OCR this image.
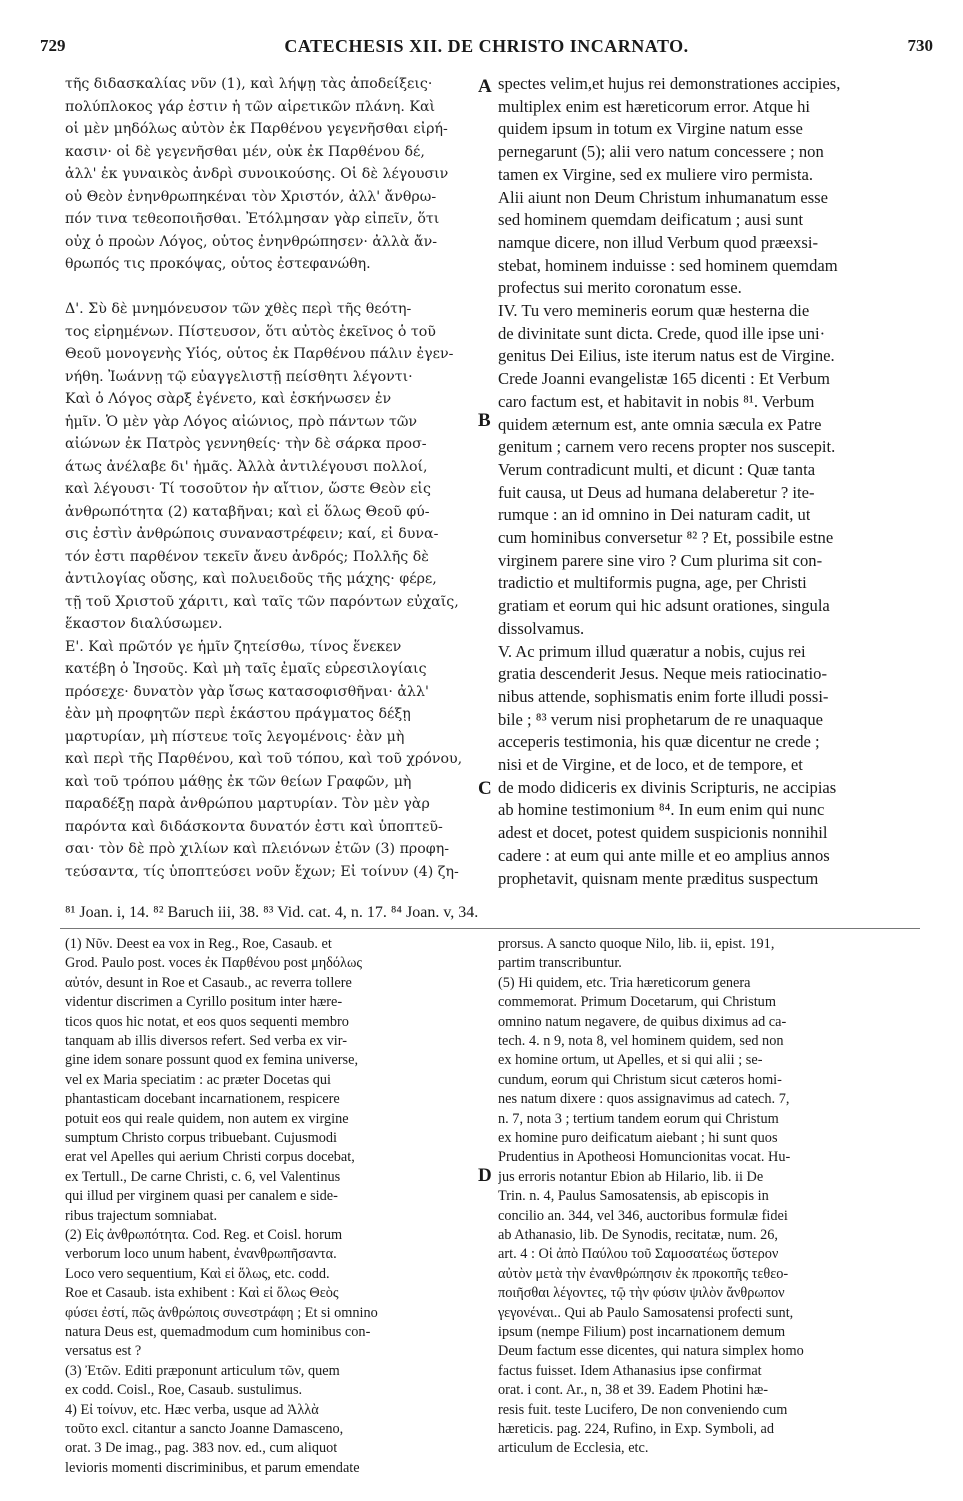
729	CATECHESIS XII. DE CHRISTO INCARNATO.	730
A
B
C
D
τῆς διδασκαλίας νῦν (1), καὶ λήψῃ τὰς ἀποδείξεις·
πολύπλοκος γάρ ἐστιν ἡ τῶν αἱρετικῶν πλάνη. Καὶ
οἱ μὲν μηδόλως αὐτὸν ἐκ Παρθένου γεγενῆσθαι εἰρή-
κασιν· οἱ δὲ γεγενῆσθαι μέν, οὐκ ἐκ Παρθένου δέ,
ἀλλ' ἐκ γυναικὸς ἀνδρὶ συνοικούσης. Οἱ δὲ λέγουσιν
οὐ Θεὸν ἐνηνθρωπηκέναι τὸν Χριστόν, ἀλλ' ἄνθρω-
πόν τινα τεθεοποιῆσθαι. Ἐτόλμησαν γὰρ εἰπεῖν, ὅτι
οὐχ ὁ προὼν Λόγος, οὗτος ἐνηνθρώπησεν· ἀλλὰ ἄν-
θρωπός τις προκόψας, οὗτος ἐστεφανώθη.
Δ'. Σὺ δὲ μνημόνευσον τῶν χθὲς περὶ τῆς θεότη-
τος εἰρημένων. Πίστευσον, ὅτι αὐτὸς ἐκεῖνος ὁ τοῦ
Θεοῦ μονογενὴς Υἱός, οὗτος ἐκ Παρθένου πάλιν ἐγεν-
νήθη. Ἰωάννῃ τῷ εὐαγγελιστῇ πείσθητι λέγοντι·
Καὶ ὁ Λόγος σὰρξ ἐγένετο, καὶ ἐσκήνωσεν ἐν
ἡμῖν. Ὁ μὲν γὰρ Λόγος αἰώνιος, πρὸ πάντων τῶν
αἰώνων ἐκ Πατρὸς γεννηθείς· τὴν δὲ σάρκα προσ-
άτως ἀνέλαβε δι' ἡμᾶς. Ἀλλὰ ἀντιλέγουσι πολλοί,
καὶ λέγουσι· Τί τοσοῦτον ἦν αἴτιον, ὥστε Θεὸν εἰς
ἀνθρωπότητα (2) καταβῆναι; καὶ εἰ ὅλως Θεοῦ φύ-
σις ἐστὶν ἀνθρώποις συναναστρέφειν; καί, εἰ δυνα-
τόν ἐστι παρθένον τεκεῖν ἄνευ ἀνδρός; Πολλῆς δὲ
ἀντιλογίας οὔσης, καὶ πολυειδοῦς τῆς μάχης· φέρε,
τῇ τοῦ Χριστοῦ χάριτι, καὶ ταῖς τῶν παρόντων εὐχαῖς,
ἕκαστον διαλύσωμεν.
Ε'. Καὶ πρῶτόν γε ἡμῖν ζητείσθω, τίνος ἕνεκεν
κατέβη ὁ Ἰησοῦς. Καὶ μὴ ταῖς ἐμαῖς εὑρεσιλογίαις
πρόσεχε· δυνατὸν γὰρ ἴσως κατασοφισθῆναι· ἀλλ'
ἐὰν μὴ προφητῶν περὶ ἑκάστου πράγματος δέξῃ
μαρτυρίαν, μὴ πίστευε τοῖς λεγομένοις· ἐὰν μὴ
καὶ περὶ τῆς Παρθένου, καὶ τοῦ τόπου, καὶ τοῦ χρόνου,
καὶ τοῦ τρόπου μάθῃς ἐκ τῶν θείων Γραφῶν, μὴ
παραδέξῃ παρὰ ἀνθρώπου μαρτυρίαν. Τὸν μὲν γὰρ
παρόντα καὶ διδάσκοντα δυνατόν ἐστι καὶ ὑποπτεῦ-
σαι· τὸν δὲ πρὸ χιλίων καὶ πλειόνων ἐτῶν (3) προφη-
τεύσαντα, τίς ὑποπτεύσει νοῦν ἔχων; Εἰ τοίνυν (4) ζη-
spectes velim,et hujus rei demonstrationes accipies,
multiplex enim est hæreticorum error. Atque hi
quidem ipsum in totum ex Virgine natum esse
pernegarunt (5); alii vero natum concessere ; non
tamen ex Virgine, sed ex muliere viro permista.
Alii aiunt non Deum Christum inhumanatum esse
sed hominem quemdam deificatum ; ausi sunt
namque dicere, non illud Verbum quod præexsi-
stebat, hominem induisse : sed hominem quemdam
profectus sui merito coronatum esse.
IV. Tu vero memineris eorum quæ hesterna die
de divinitate sunt dicta. Crede, quod ille ipse uni·
genitus Dei Eilius, iste iterum natus est de Virgine.
Crede Joanni evangelistæ 165 dicenti : Et Verbum
caro factum est, et habitavit in nobis ⁸¹. Verbum
quidem æternum est, ante omnia sæcula ex Patre
genitum ; carnem vero recens propter nos suscepit.
Verum contradicunt multi, et dicunt : Quæ tanta
fuit causa, ut Deus ad humana delaberetur ? ite-
rumque : an id omnino in Dei naturam cadit, ut
cum hominibus conversetur ⁸² ? Et, possibile estne
virginem parere sine viro ? Cum plurima sit con-
tradictio et multiformis pugna, age, per Christi
gratiam et eorum qui hic adsunt orationes, singula
dissolvamus.
V. Ac primum illud quæratur a nobis, cujus rei
gratia descenderit Jesus. Neque meis ratiocinatio-
nibus attende, sophismatis enim forte illudi possi-
bile ; ⁸³ verum nisi prophetarum de re unaquaque
acceperis testimonia, his quæ dicentur ne crede ;
nisi et de Virgine, et de loco, et de tempore, et
de modo didiceris ex divinis Scripturis, ne accipias
ab homine testimonium ⁸⁴. In eum enim qui nunc
adest et docet, potest quidem suspicionis nonnihil
cadere : at eum qui ante mille et eo amplius annos
prophetavit, quisnam mente præditus suspectum
⁸¹ Joan. i, 14. ⁸² Baruch iii, 38. ⁸³ Vid. cat. 4, n. 17. ⁸⁴ Joan. v, 34.
(1) Νῦν. Deest ea vox in Reg., Roe, Casaub. et
Grod. Paulo post. voces ἐκ Παρθένου post μηδόλως
αὐτόν, desunt in Roe et Casaub., ac reverra tollere
videntur discrimen a Cyrillo positum inter hære-
ticos quos hic notat, et eos quos sequenti membro
tanquam ab illis diversos refert. Sed verba ex vir-
gine idem sonare possunt quod ex femina universe,
vel ex Maria speciatim : ac præter Docetas qui
phantasticam docebant incarnationem, respicere
potuit eos qui reale quidem, non autem ex virgine
sumptum Christo corpus tribuebant. Cujusmodi
erat vel Apelles qui aerium Christi corpus docebat,
ex Tertull., De carne Christi, c. 6, vel Valentinus
qui illud per virginem quasi per canalem e side-
ribus trajectum somniabat.
(2) Εἰς ἀνθρωπότητα. Cod. Reg. et Coisl. horum
verborum loco unum habent, ἐνανθρωπῆσαντα.
Loco vero sequentium, Καὶ εἰ ὅλως, etc. codd.
Roe et Casaub. ista exhibent : Καὶ εἰ ὅλως Θεὸς
φύσει ἐστί, πῶς ἀνθρώποις συνεστράφη ; Et si omnino
natura Deus est, quemadmodum cum hominibus con-
versatus est ?
(3) Ἐτῶν. Editi præponunt articulum τῶν, quem
ex codd. Coisl., Roe, Casaub. sustulimus.
4) Εἰ τοίνυν, etc. Hæc verba, usque ad Ἀλλὰ
τοῦτο excl. citantur a sancto Joanne Damasceno,
orat. 3 De imag., pag. 383 nov. ed., cum aliquot
levioris momenti discriminibus, et parum emendate
prorsus. A sancto quoque Nilo, lib. ii, epist. 191,
partim transcribuntur.
(5) Hi quidem, etc. Tria hæreticorum genera
commemorat. Primum Docetarum, qui Christum
omnino natum negavere, de quibus diximus ad ca-
tech. 4. n 9, nota 8, vel hominem quidem, sed non
ex homine ortum, ut Apelles, et si qui alii ; se-
cundum, eorum qui Christum sicut cæteros homi-
nes natum dixere : quos assignavimus ad catech. 7,
n. 7, nota 3 ; tertium tandem eorum qui Christum
ex homine puro deificatum aiebant ; hi sunt quos
Prudentius in Apotheosi Homuncionitas vocat. Hu-
jus erroris notantur Ebion ab Hilario, lib. ii De
Trin. n. 4, Paulus Samosatensis, ab episcopis in
concilio an. 344, vel 346, auctoribus formulæ fidei
ab Athanasio, lib. De Synodis, recitatæ, num. 26,
art. 4 : Οἱ ἀπὸ Παύλου τοῦ Σαμοσατέως ὕστερον
αὐτὸν μετὰ τὴν ἐνανθρώπησιν ἐκ προκοπῆς τεθεο-
ποιῆσθαι λέγοντες, τῷ τὴν φύσιν ψιλὸν ἄνθρωπον
γεγονέναι.. Qui ab Paulo Samosatensi profecti sunt,
ipsum (nempe Filium) post incarnationem demum
Deum factum esse dicentes, qui natura simplex homo
factus fuisset. Idem Athanasius ipse confirmat
orat. i cont. Ar., n, 38 et 39. Eadem Photini hæ-
resis fuit. teste Lucifero, De non conveniendo cum
hæreticis. pag. 224, Rufino, in Exp. Symboli, ad
articulum de Ecclesia, etc.
